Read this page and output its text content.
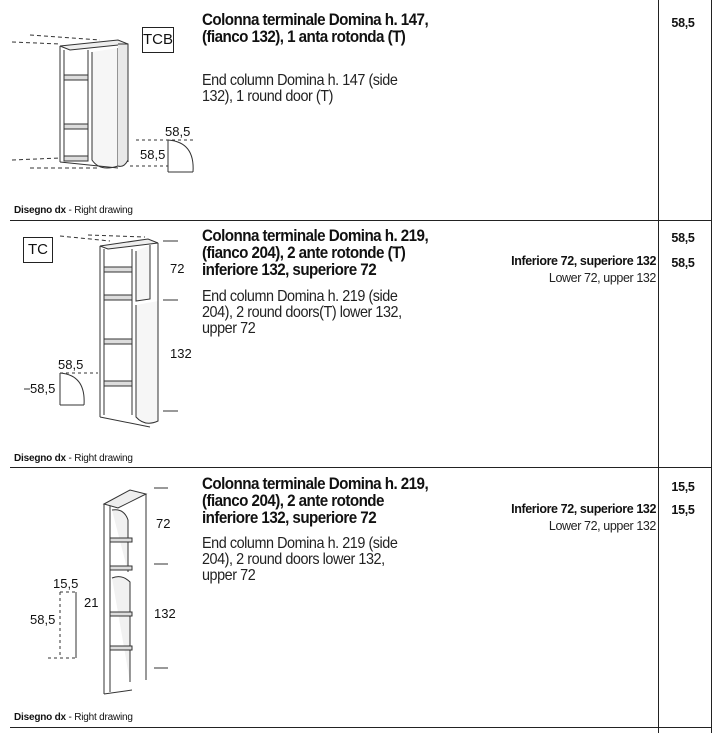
TCB
58,5
58,5
Colonna terminale Domina h. 147, (fianco 132), 1 anta rotonda (T)
End column Domina h. 147 (side 132), 1 round door (T)
Disegno dx - Right drawing
58,5
TC
72
132
58,5
58,5
Colonna terminale Domina h. 219, (fianco 204), 2 ante rotonde (T) inferiore 132, superiore 72
End column Domina h. 219 (side 204), 2 round doors(T) lower 132, upper 72
Inferiore 72, superiore 132
Lower 72, upper 132
Disegno dx - Right drawing
58,5
58,5
72
132
15,5
58,5
21
Colonna terminale Domina h. 219, (fianco 204), 2 ante rotonde inferiore 132, superiore 72
End column Domina h. 219 (side 204), 2 round doors lower 132, upper 72
Inferiore 72, superiore 132
Lower 72, upper 132
Disegno dx - Right drawing
15,5
15,5
